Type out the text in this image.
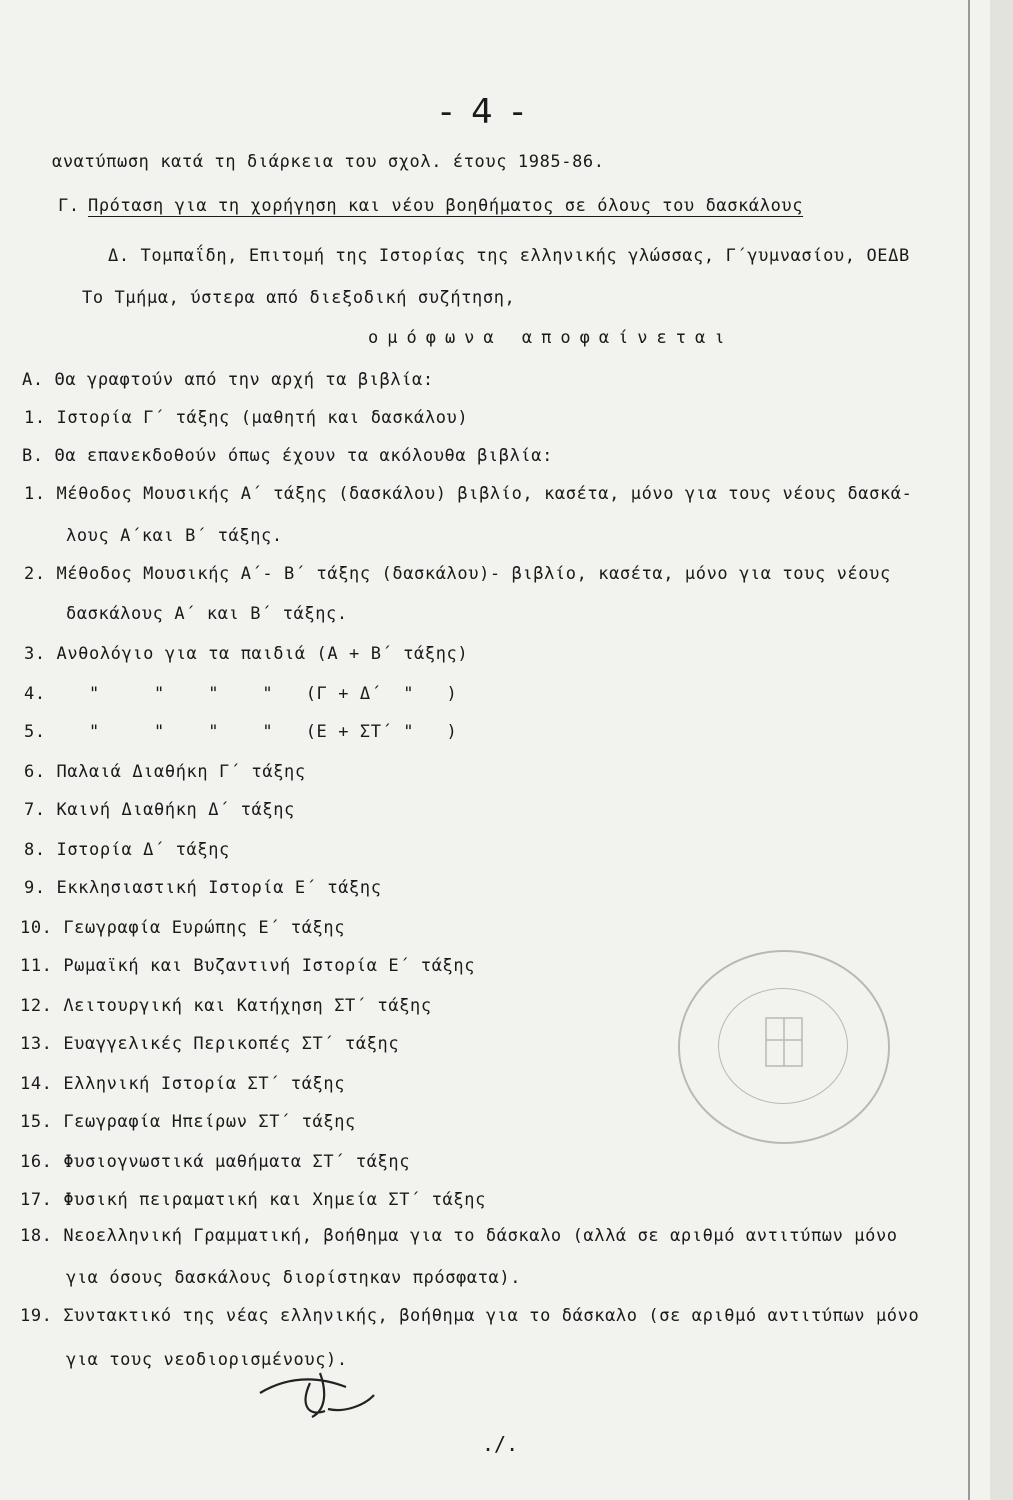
- 4 -
ανατύπωση κατά τη διάρκεια του σχολ. έτους 1985-86.
Γ. Πρόταση για τη χορήγηση και νέου βοηθήματος σε όλους του δασκάλους
Δ. Τομπαΐδη, Επιτομή της Ιστορίας της ελληνικής γλώσσας, Γ΄γυμνασίου, ΟΕΔΒ
Το Τμήμα, ύστερα από διεξοδική συζήτηση,
ομόφωνα αποφαίνεται
Α. Θα γραφτούν από την αρχή τα βιβλία:
1. Ιστορία Γ΄ τάξης (μαθητή και δασκάλου)
Β. Θα επανεκδοθούν όπως έχουν τα ακόλουθα βιβλία:
1. Μέθοδος Μουσικής Α΄ τάξης (δασκάλου) βιβλίο, κασέτα, μόνο για τους νέους δασκά-
λους Α΄και Β΄ τάξης.
2. Μέθοδος Μουσικής Α΄- Β΄ τάξης (δασκάλου)- βιβλίο, κασέτα, μόνο για τους νέους
δασκάλους Α΄ και Β΄ τάξης.
3. Ανθολόγιο για τα παιδιά (Α + Β΄ τάξης)
4.    "     "    "    "   (Γ + Δ΄  "   )
5.    "     "    "    "   (Ε + ΣΤ΄ "   )
6. Παλαιά Διαθήκη Γ΄ τάξης
7. Καινή Διαθήκη Δ΄ τάξης
8. Ιστορία Δ΄ τάξης
9. Εκκλησιαστική Ιστορία Ε΄ τάξης
10. Γεωγραφία Ευρώπης Ε΄ τάξης
11. Ρωμαϊκή και Βυζαντινή Ιστορία Ε΄ τάξης
12. Λειτουργική και Κατήχηση ΣΤ΄ τάξης
13. Ευαγγελικές Περικοπές ΣΤ΄ τάξης
14. Ελληνική Ιστορία ΣΤ΄ τάξης
15. Γεωγραφία Ηπείρων ΣΤ΄ τάξης
16. Φυσιογνωστικά μαθήματα ΣΤ΄ τάξης
17. Φυσική πειραματική και Χημεία ΣΤ΄ τάξης
18. Νεοελληνική Γραμματική, βοήθημα για το δάσκαλο (αλλά σε αριθμό αντιτύπων μόνο
για όσους δασκάλους διορίστηκαν πρόσφατα).
19. Συντακτικό της νέας ελληνικής, βοήθημα για το δάσκαλο (σε αριθμό αντιτύπων μόνο
για τους νεοδιορισμένους).
./.
